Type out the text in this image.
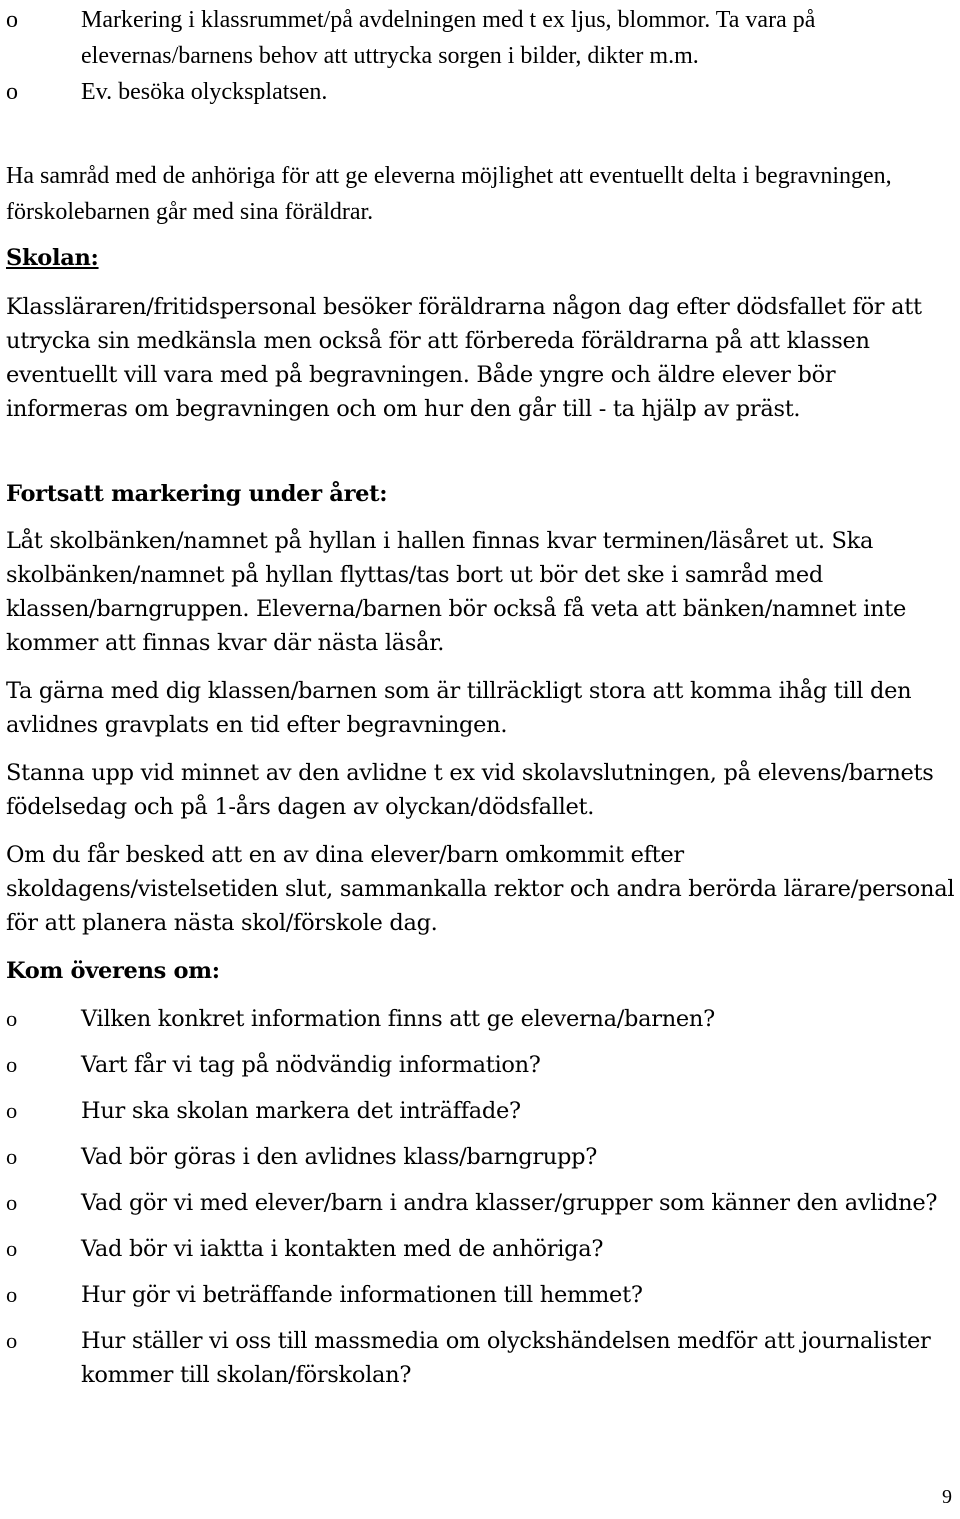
o	Markering i klassrummet/på avdelningen med t ex ljus, blommor. Ta vara på elevernas/barnens behov att uttrycka sorgen i bilder, dikter m.m.
o	Ev. besöka olycksplatsen.

Ha samråd med de anhöriga för att ge eleverna möjlighet att eventuellt delta i begravningen, förskolebarnen går med sina föräldrar.

Skolan:

Klassläraren/fritidspersonal besöker föräldrarna någon dag efter dödsfallet för att utrycka sin medkänsla men också för att förbereda föräldrarna på att klassen eventuellt vill vara med på begravningen. Både yngre och äldre elever bör informeras om begravningen och om hur den går till - ta hjälp av präst.

Fortsatt markering under året:

Låt skolbänken/namnet på hyllan i hallen finnas kvar terminen/läsåret ut. Ska skolbänken/namnet på hyllan flyttas/tas bort ut bör det ske i samråd med klassen/barngruppen. Eleverna/barnen bör också få veta att bänken/namnet inte kommer att finnas kvar där nästa läsår.

Ta gärna med dig klassen/barnen som är tillräckligt stora att komma ihåg till den avlidnes gravplats en tid efter begravningen.

Stanna upp vid minnet av den avlidne t ex vid skolavslutningen, på elevens/barnets födelsedag och på 1-års dagen av olyckan/dödsfallet.

Om du får besked att en av dina elever/barn omkommit efter skoldagens/vistelsetiden slut, sammankalla rektor och andra berörda lärare/personal för att planera nästa skol/förskole dag.

Kom överens om:

o	Vilken konkret information finns att ge eleverna/barnen?
o	Vart får vi tag på nödvändig information?
o	Hur ska skolan markera det inträffade?
o	Vad bör göras i den avlidnes klass/barngrupp?
o	Vad gör vi med elever/barn i andra klasser/grupper som känner den avlidne?
o	Vad bör vi iaktta i kontakten med de anhöriga?
o	Hur gör vi beträffande informationen till hemmet?
o	Hur ställer vi oss till massmedia om olyckshändelsen medför att journalister kommer till skolan/förskolan?
9
